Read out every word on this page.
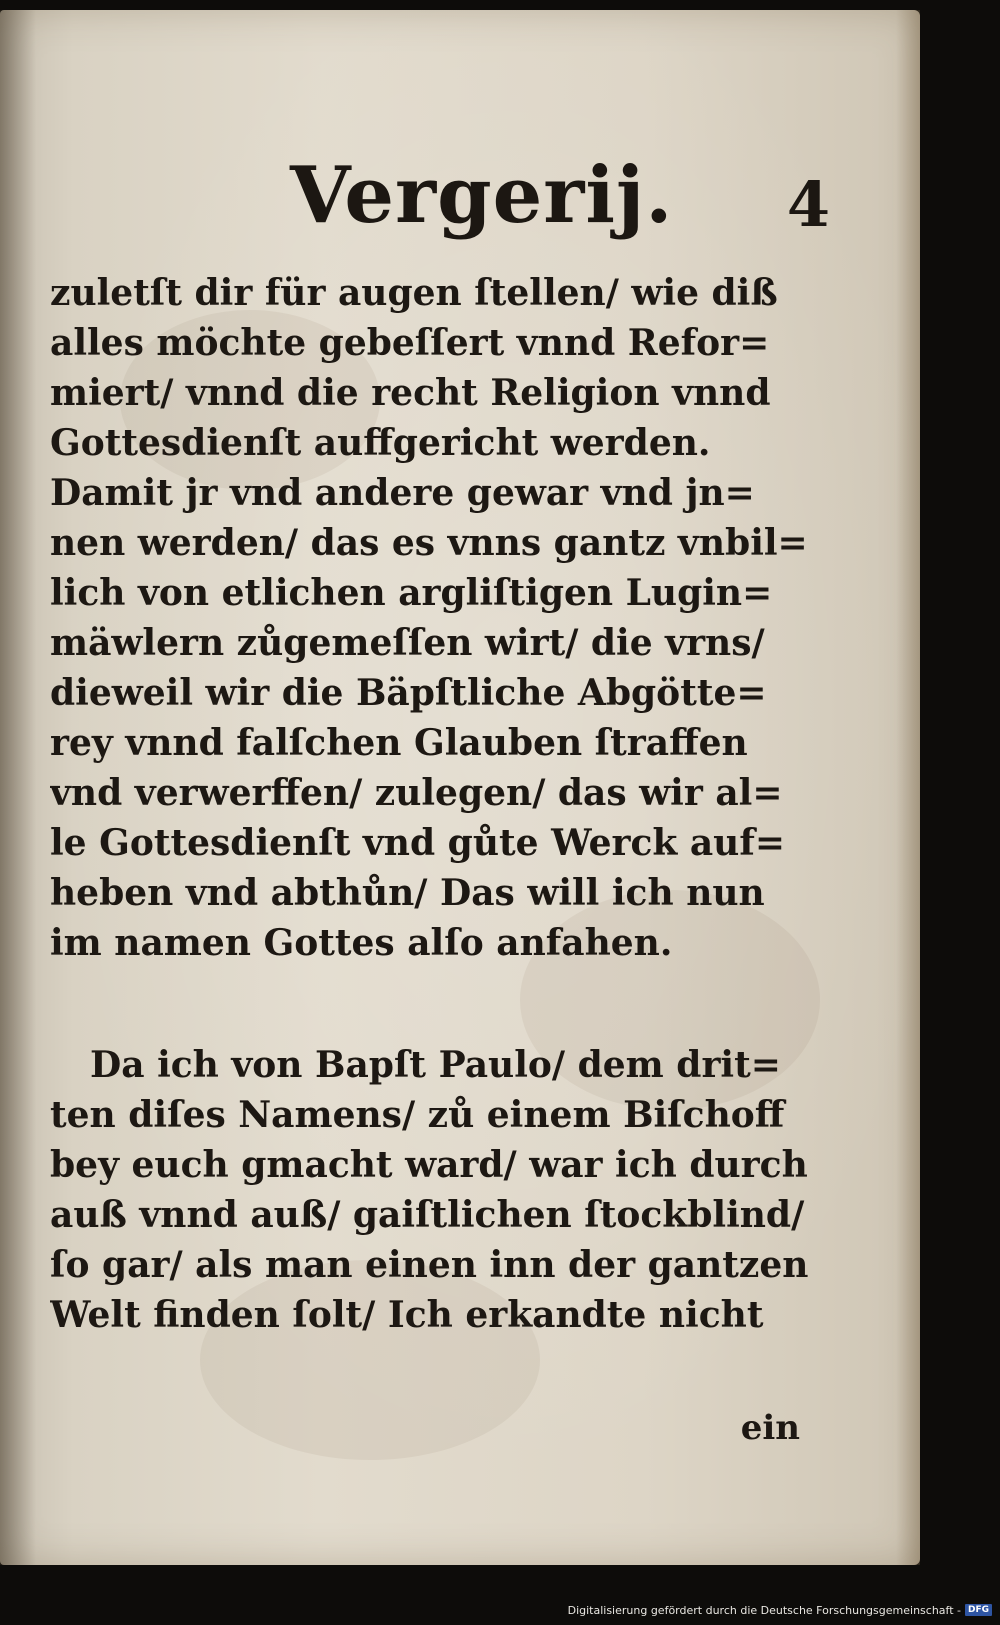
Vergerij. 4
zuletſt dir für augen ſtellen/ wie diß
alles möchte gebeſſert vnnd Refor=
miert/ vnnd die recht Religion vnnd
Gottesdienſt auffgericht werden.
Damit jr vnd andere gewar vnd jn=
nen werden/ das es vnns gantz vnbil=
lich von etlichen argliſtigen Lugin=
mäwlern zůgemeſſen wirt/ die vrns/
dieweil wir die Bäpſtliche Abgötte=
rey vnnd falſchen Glauben ſtraffen
vnd verwerffen/ zulegen/ das wir al=
le Gottesdienſt vnd gůte Werck auf=
heben vnd abthůn/ Das will ich nun
im namen Gottes alſo anfahen.
Da ich von Bapſt Paulo/ dem drit=
ten diſes Namens/ zů einem Biſchoff
bey euch gmacht ward/ war ich durch
auß vnnd auß/ gaiſtlichen ſtockblind/
ſo gar/ als man einen inn der gantzen
Welt finden ſolt/ Ich erkandte nicht
ein
Digitalisierung gefördert durch die Deutsche Forschungsgemeinschaft - DFG
